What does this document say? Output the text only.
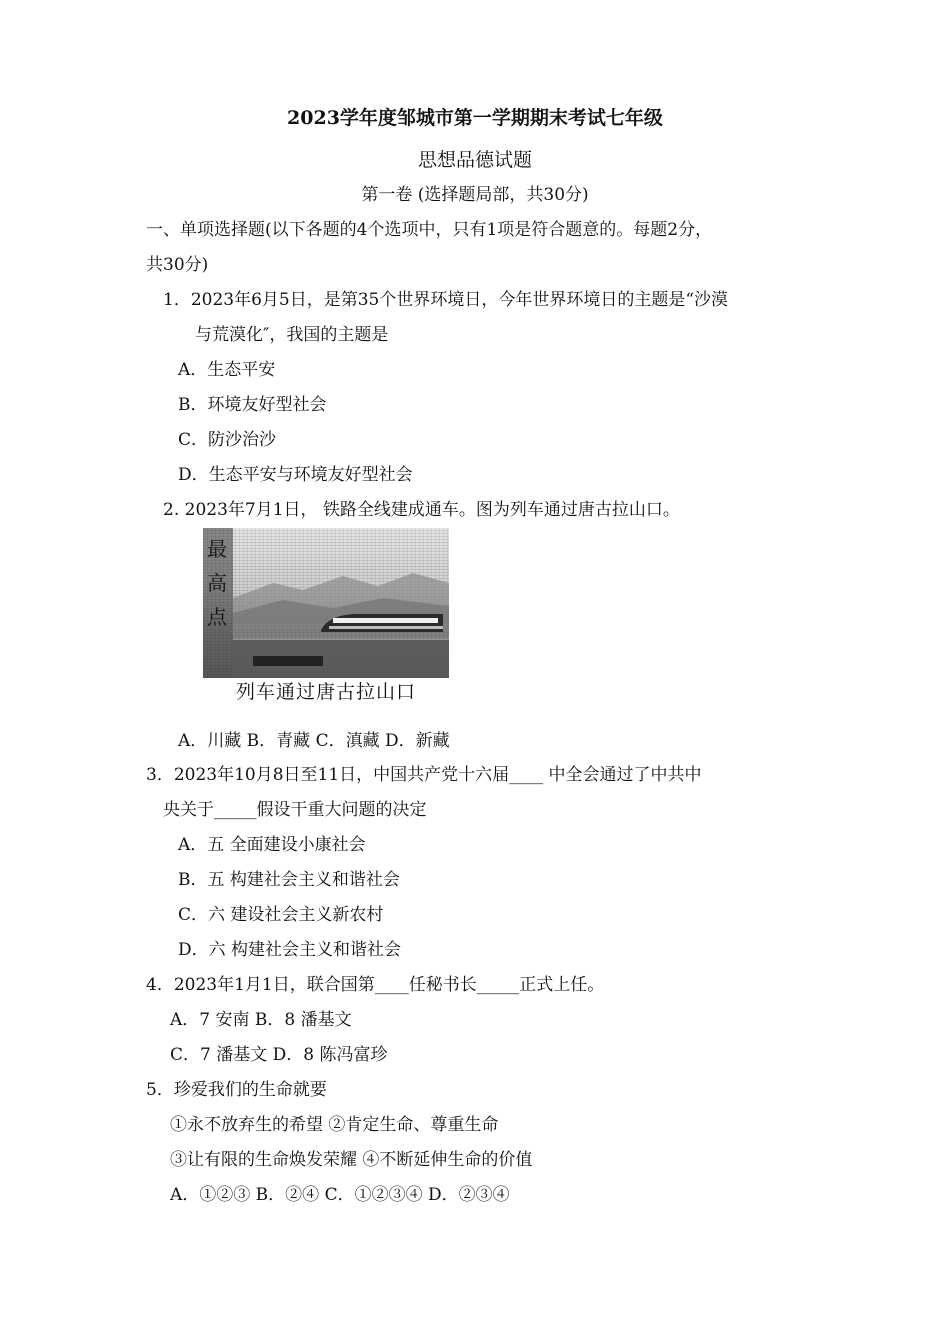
2023学年度邹城市第一学期期末考试七年级
思想品德试题
第一卷 (选择题局部，共30分)
一、单项选择题(以下各题的4个选项中，只有1项是符合题意的。每题2分，
共30分)
1．2023年6月5日，是第35个世界环境日，今年世界环境日的主题是“沙漠
与荒漠化″，我国的主题是
A．生态平安
B．环境友好型社会
C．防沙治沙
D．生态平安与环境友好型社会
2. 2023年7月1日， 铁路全线建成通车。图为列车通过唐古拉山口。
最高点
列车通过唐古拉山口
A．川藏 B．青藏 C．滇藏 D．新藏
3．2023年10月8日至11日，中国共产党十六届____ 中全会通过了中共中
央关于_____假设干重大问题的决定
A．五 全面建设小康社会
B．五 构建社会主义和谐社会
C．六 建设社会主义新农村
D．六 构建社会主义和谐社会
4．2023年1月1日，联合国第____任秘书长_____正式上任。
A．7 安南 B．8 潘基文
C．7 潘基文 D．8 陈冯富珍
5．珍爱我们的生命就要
①永不放弃生的希望 ②肯定生命、尊重生命
③让有限的生命焕发荣耀 ④不断延伸生命的价值
A．①②③ B．②④ C．①②③④ D．②③④
